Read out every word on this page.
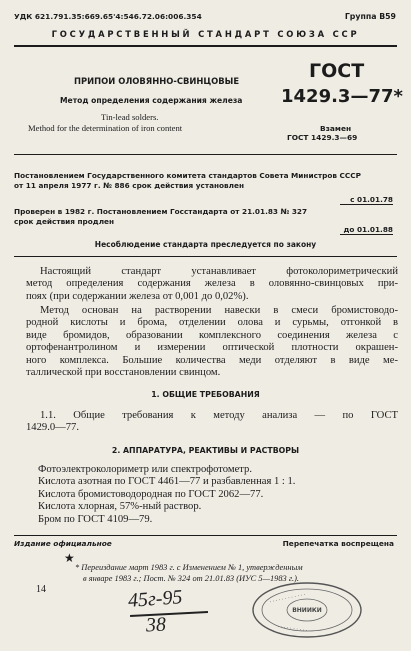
УДК 621.791.35:669.65'4:546.72.06:006.354	Группа В59
ГОСУДАРСТВЕННЫЙ СТАНДАРТ СОЮЗА ССР
ПРИПОИ ОЛОВЯННО-СВИНЦОВЫЕ
Метод определения содержания железа
Tin-lead solders.
Method for the determination of iron content
ГОСТ
1429.3—77*
Взамен
ГОСТ 1429.3—69
Постановлением Государственного комитета стандартов Совета Министров СССР
от 11 апреля 1977 г. № 886 срок действия установлен
с 01.01.78
Проверен в 1982 г. Постановлением Госстандарта от 21.01.83 № 327
срок действия продлен
до 01.01.88
Несоблюдение стандарта преследуется по закону
Настоящий стандарт устанавливает фотоколориметрический
метод определения содержания железа в оловянно-свинцовых при-
поях (при содержании железа от 0,001 до 0,02%).
Метод основан на растворении навески в смеси бромистоводо-
родной кислоты и брома, отделении олова и сурьмы, отгонкой в
виде бромидов, образовании комплексного соединения железа с
ортофенантролином и измерении оптической плотности окрашен-
ного комплекса. Большие количества меди отделяют в виде ме-
таллической при восстановлении свинцом.
1. ОБЩИЕ ТРЕБОВАНИЯ
1.1. Общие требования к методу анализа — по ГОСТ
1429.0—77.
2. АППАРАТУРА, РЕАКТИВЫ И РАСТВОРЫ
Фотоэлектроколориметр или спектрофотометр.
Кислота азотная по ГОСТ 4461—77 и разбавленная 1 : 1.
Кислота бромистоводородная по ГОСТ 2062—77.
Кислота хлорная, 57%-ный раствор.
Бром по ГОСТ 4109—79.
Издание официальное	Перепечатка воспрещена
★
* Переиздание март 1983 г. с Изменением № 1, утвержденным
в январе 1983 г.; Пост. № 324 от 21.01.83 (ИУС 5—1983 г.).
14	45г-95
38
· · · · · · · · · · · ·
· · · · · · · · · ·
ВНИИКИ
